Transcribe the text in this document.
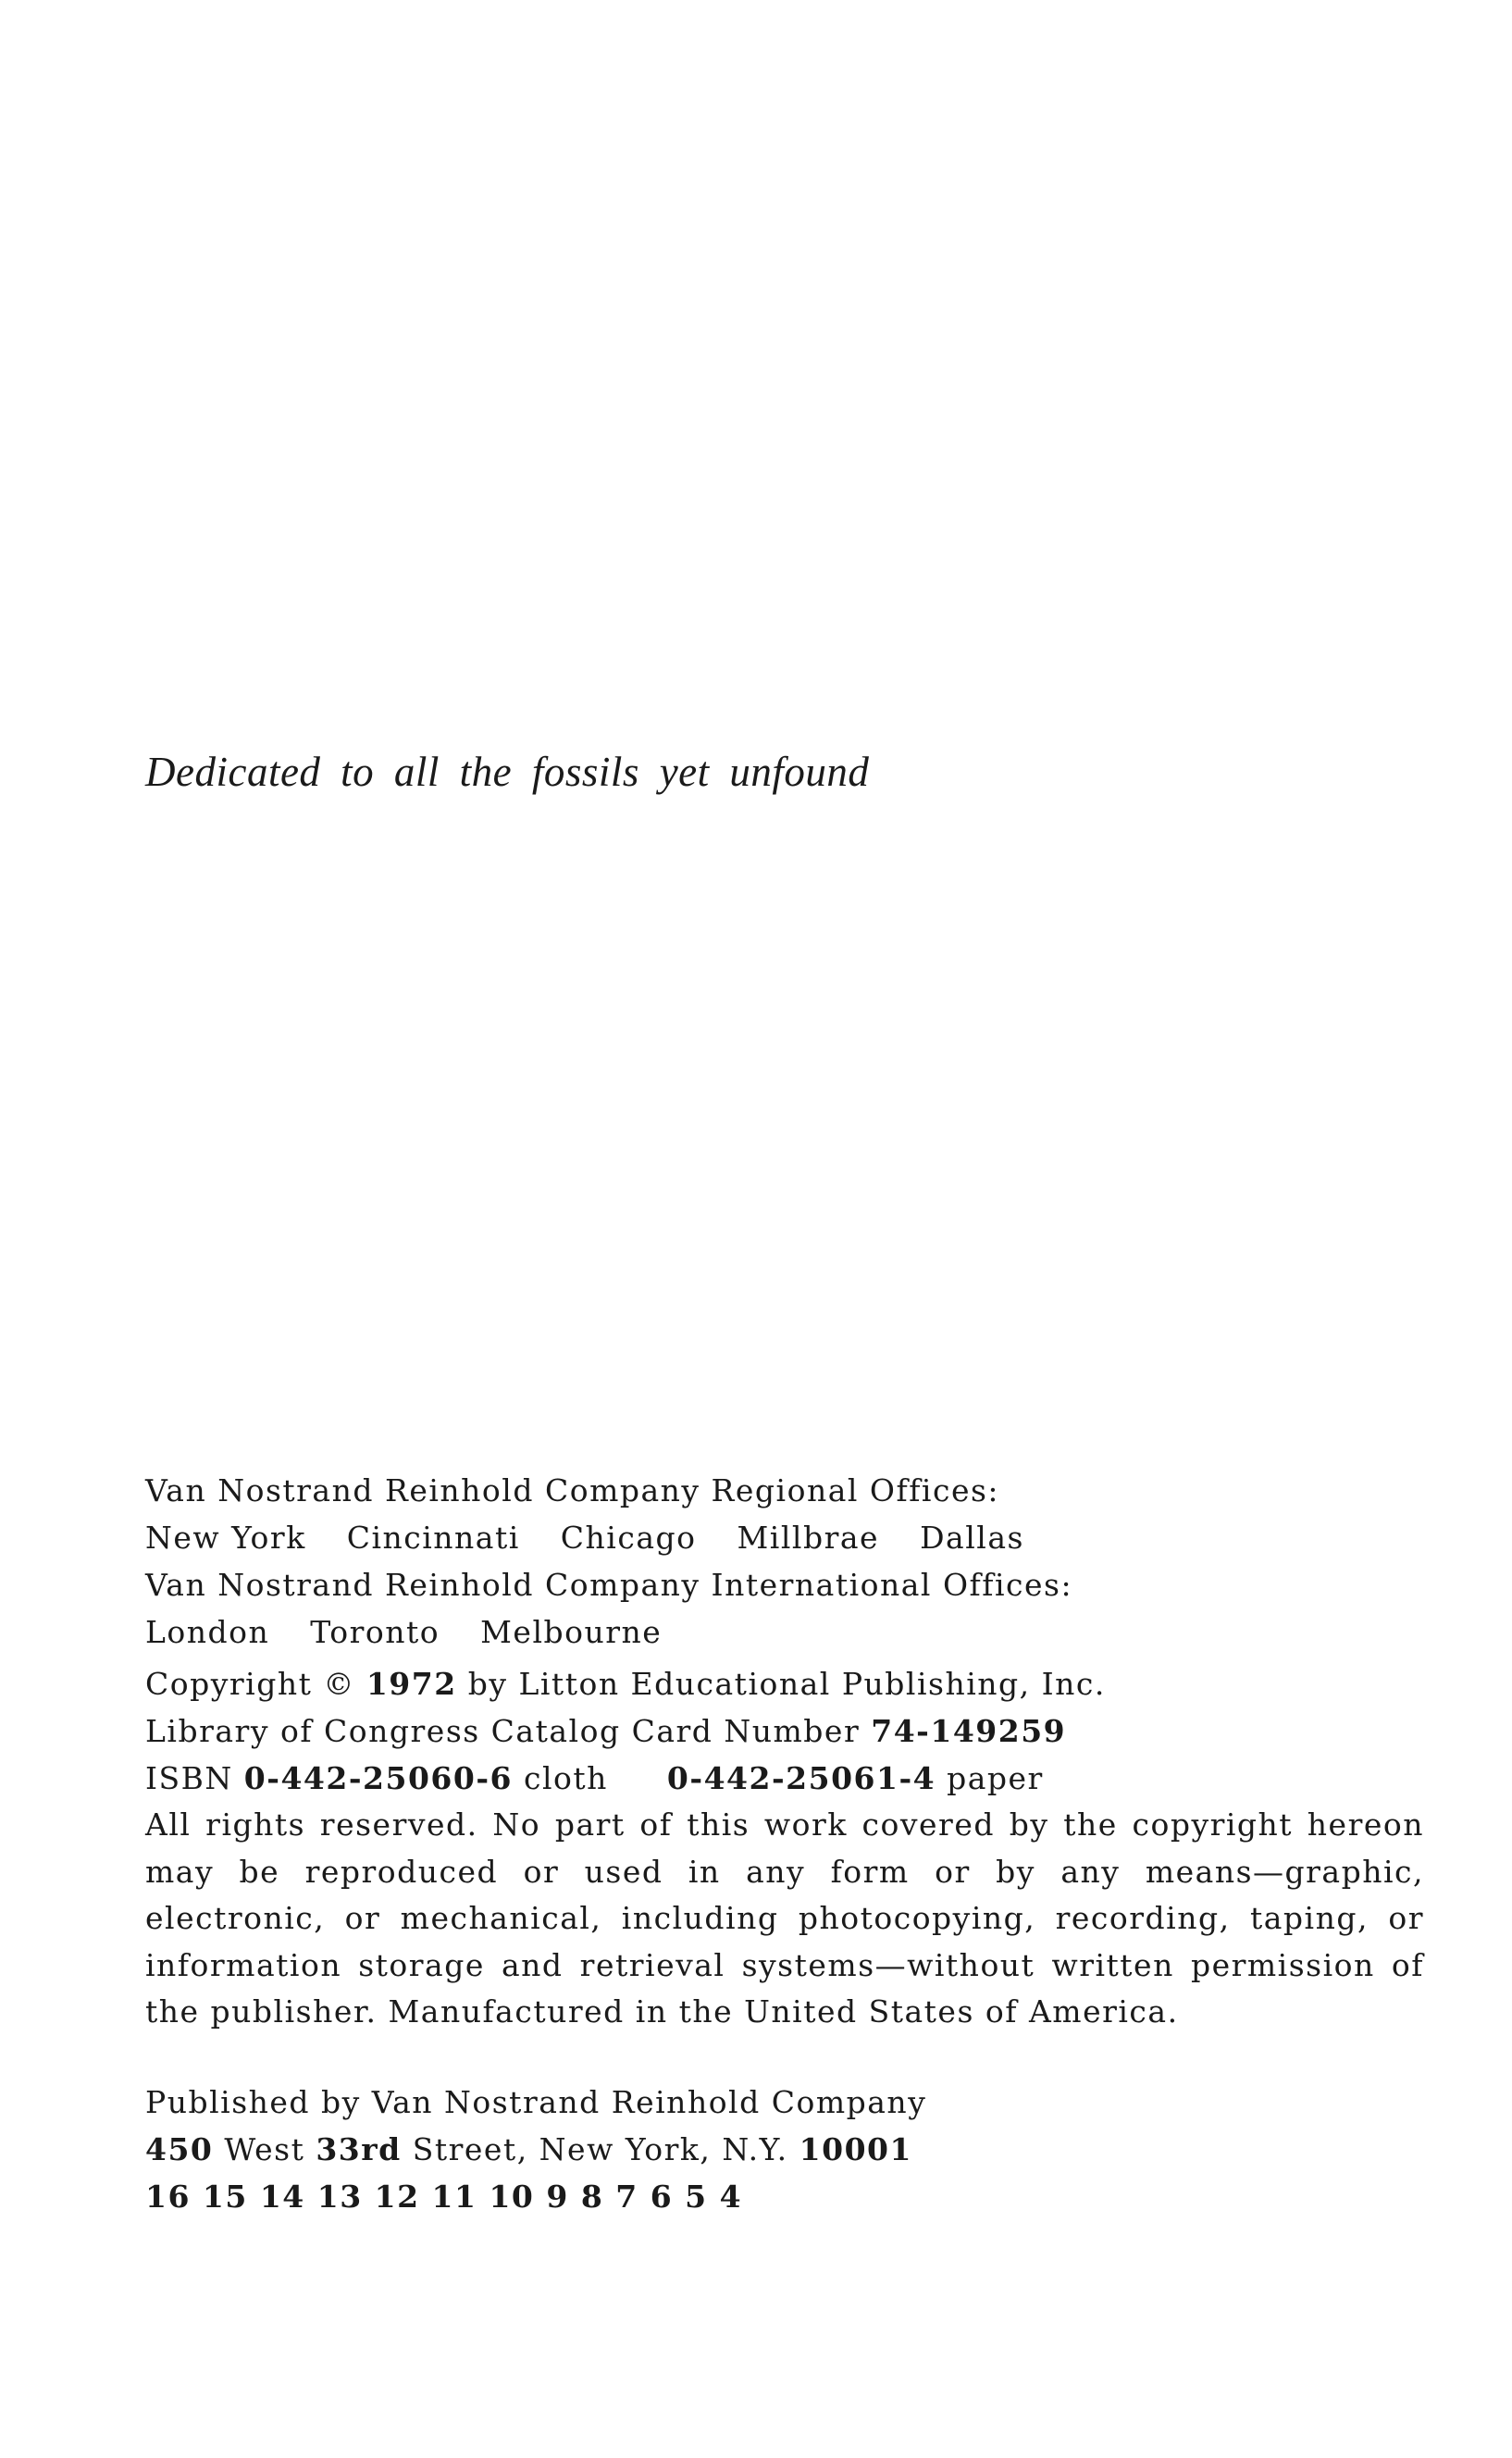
Dedicated to all the fossils yet unfound

Van Nostrand Reinhold Company Regional Offices:
New York Cincinnati Chicago Millbrae Dallas
Van Nostrand Reinhold Company International Offices:
London Toronto Melbourne
Copyright © 1972 by Litton Educational Publishing, Inc.
Library of Congress Catalog Card Number 74-149259
ISBN 0-442-25060-6 cloth 0-442-25061-4 paper

All rights reserved. No part of this work covered by the copyright hereon may be reproduced or used in any form or by any means—graphic, electronic, or mechanical, including photocopying, recording, taping, or information storage and retrieval systems—without written permission of the publisher. Manufactured in the United States of America.

Published by Van Nostrand Reinhold Company
450 West 33rd Street, New York, N.Y. 10001
16 15 14 13 12 11 10 9 8 7 6 5 4
